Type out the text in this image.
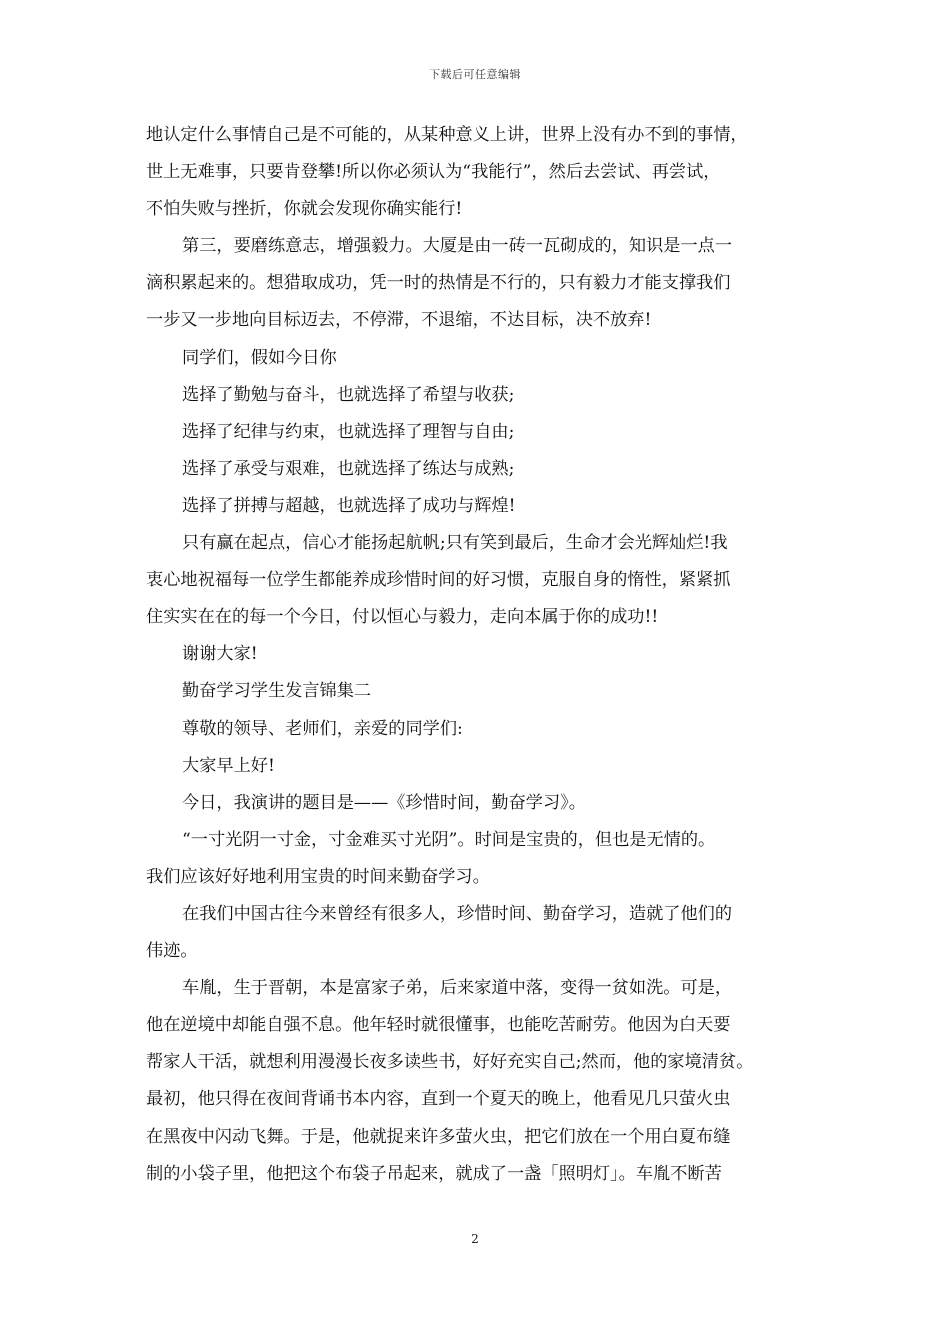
下载后可任意编辑
地认定什么事情自己是不可能的，从某种意义上讲，世界上没有办不到的事情，
世上无难事，只要肯登攀!所以你必须认为“我能行”，然后去尝试、再尝试，
不怕失败与挫折，你就会发现你确实能行!
第三，要磨练意志，增强毅力。大厦是由一砖一瓦砌成的，知识是一点一
滴积累起来的。想猎取成功，凭一时的热情是不行的，只有毅力才能支撑我们
一步又一步地向目标迈去，不停滞，不退缩，不达目标，决不放弃!
同学们，假如今日你
选择了勤勉与奋斗，也就选择了希望与收获;
选择了纪律与约束，也就选择了理智与自由;
选择了承受与艰难，也就选择了练达与成熟;
选择了拼搏与超越，也就选择了成功与辉煌!
只有赢在起点，信心才能扬起航帆;只有笑到最后，生命才会光辉灿烂!我
衷心地祝福每一位学生都能养成珍惜时间的好习惯，克服自身的惰性，紧紧抓
住实实在在的每一个今日，付以恒心与毅力，走向本属于你的成功!!
谢谢大家!
勤奋学习学生发言锦集二
尊敬的领导、老师们，亲爱的同学们:
大家早上好!
今日，我演讲的题目是——《珍惜时间，勤奋学习》。
“一寸光阴一寸金，寸金难买寸光阴”。时间是宝贵的，但也是无情的。
我们应该好好地利用宝贵的时间来勤奋学习。
在我们中国古往今来曾经有很多人，珍惜时间、勤奋学习，造就了他们的
伟迹。
车胤，生于晋朝，本是富家子弟，后来家道中落，变得一贫如洗。可是，
他在逆境中却能自强不息。他年轻时就很懂事，也能吃苦耐劳。他因为白天要
帮家人干活，就想利用漫漫长夜多读些书，好好充实自己;然而，他的家境清贫。
最初，他只得在夜间背诵书本内容，直到一个夏天的晚上，他看见几只萤火虫
在黑夜中闪动飞舞。于是，他就捉来许多萤火虫，把它们放在一个用白夏布缝
制的小袋子里，他把这个布袋子吊起来，就成了一盏「照明灯」。车胤不断苦
2
